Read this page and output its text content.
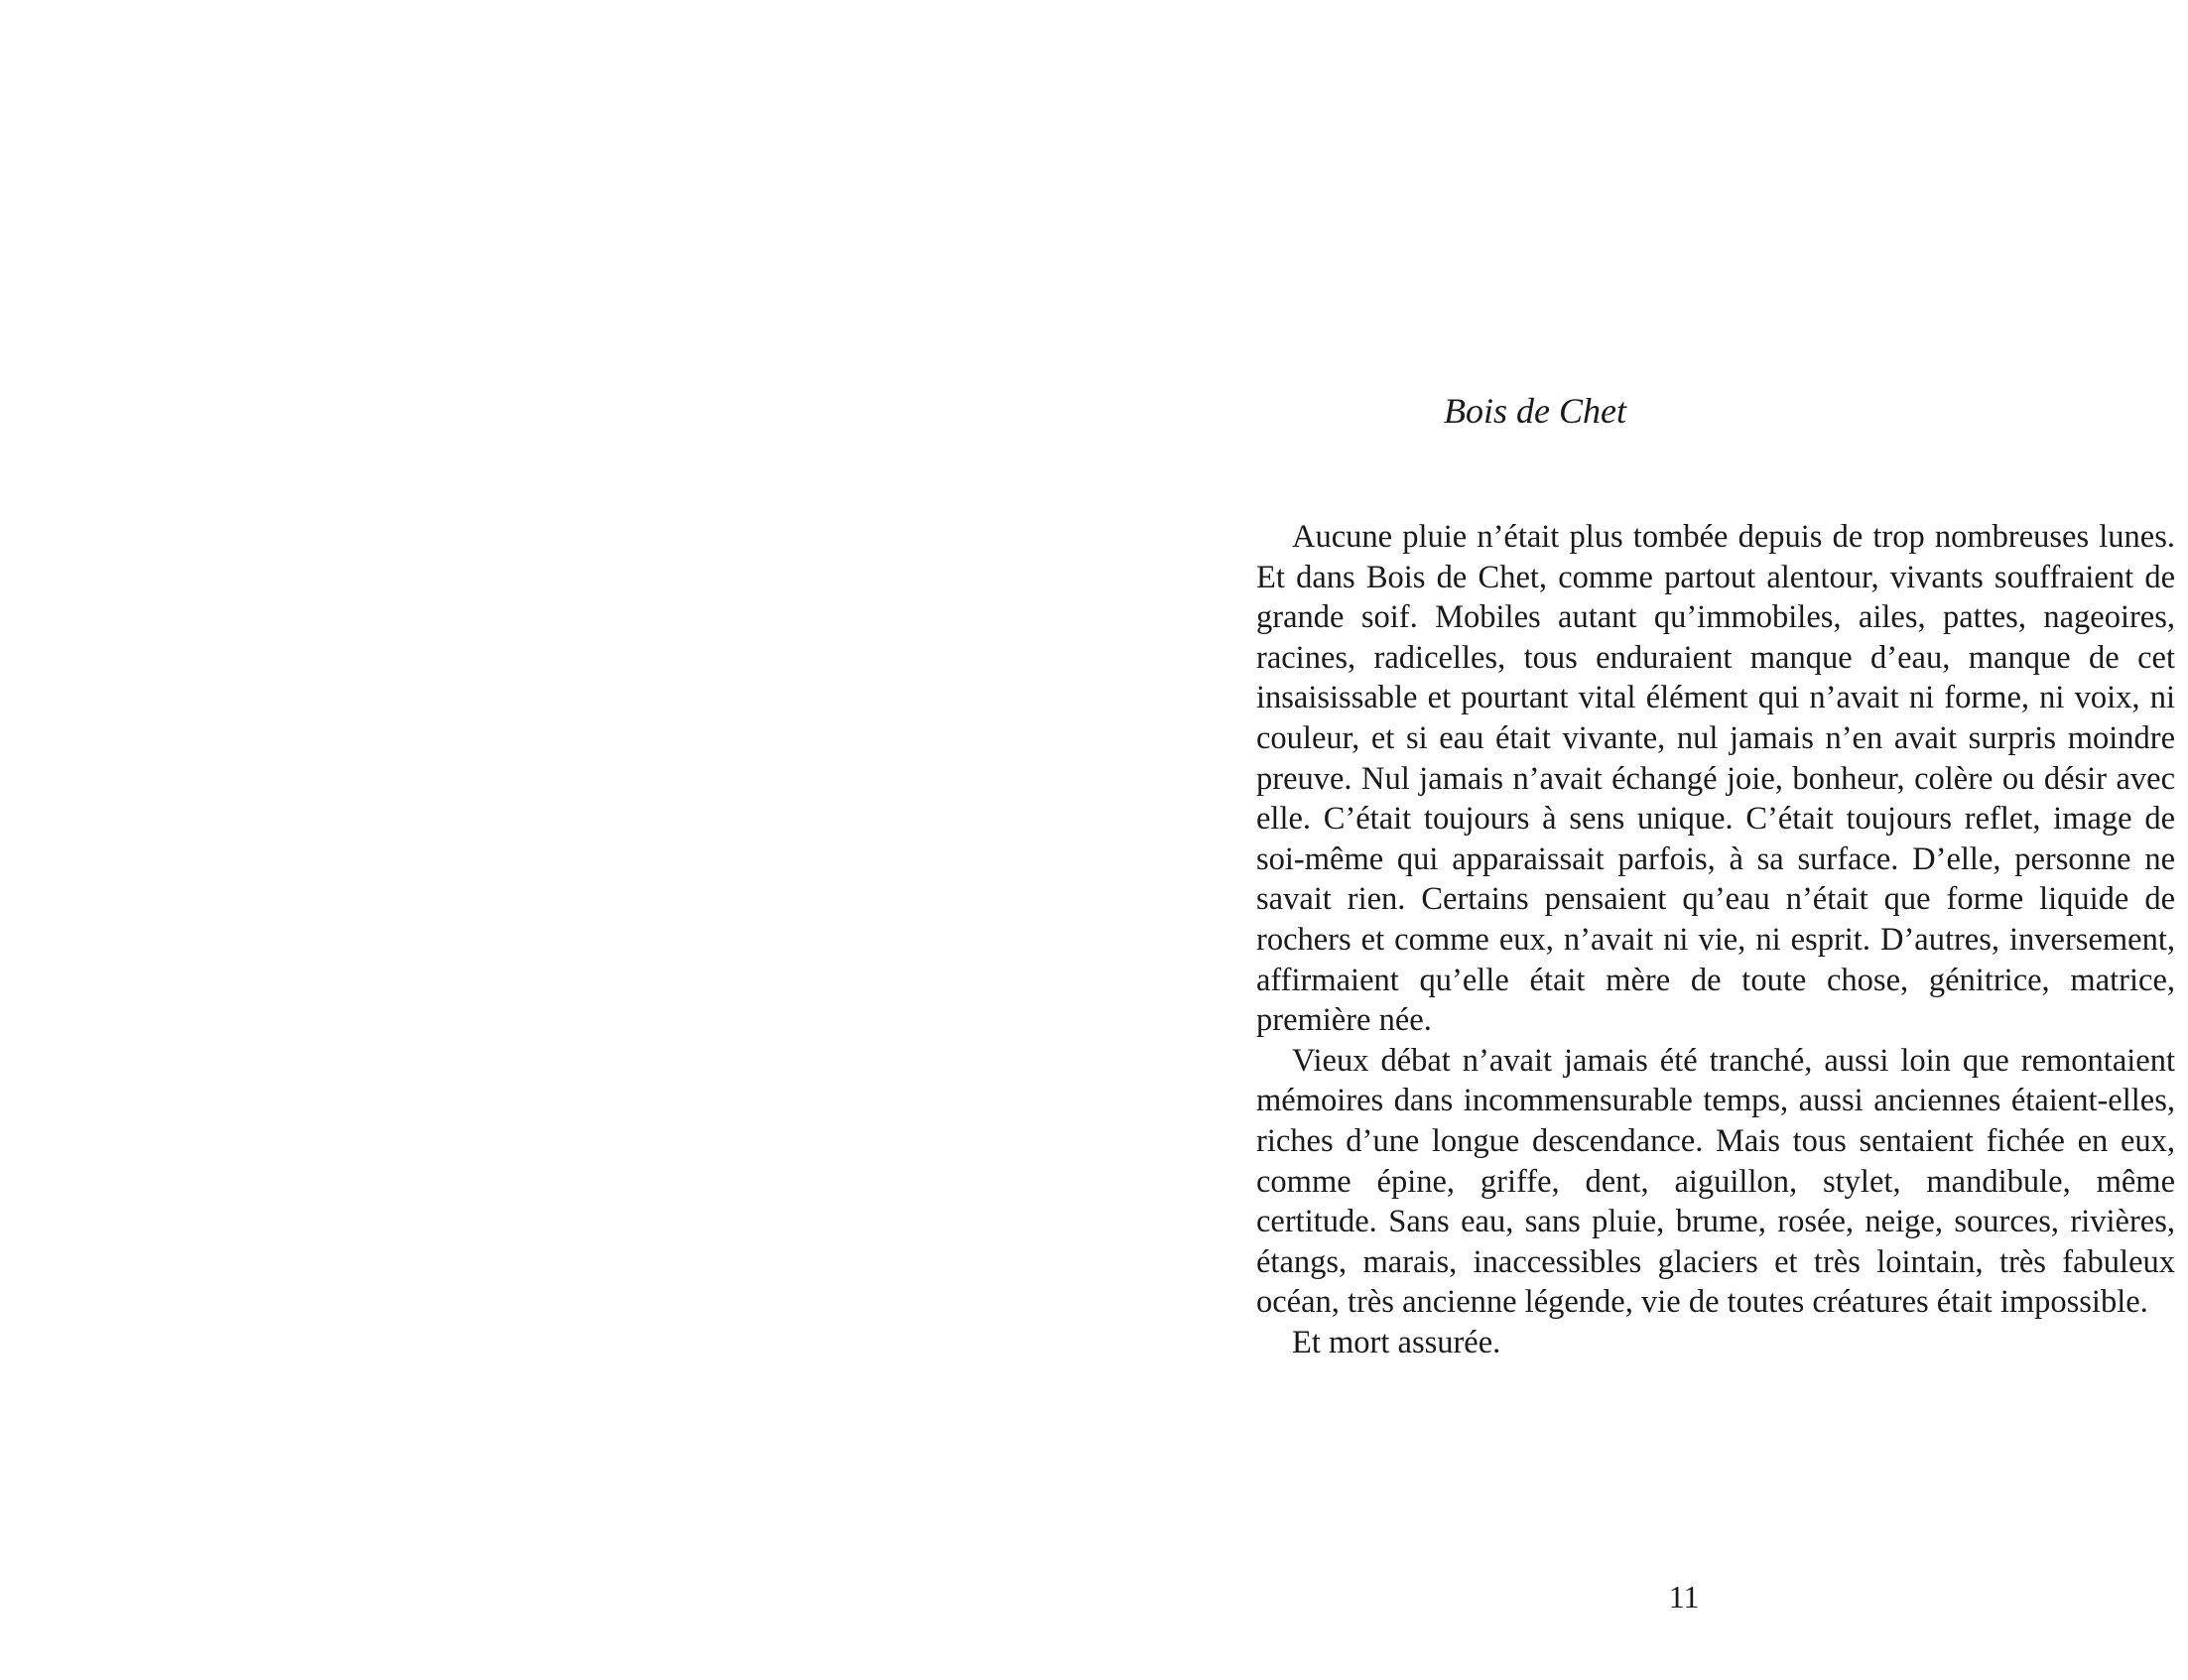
Bois de Chet

Aucune pluie n’était plus tombée depuis de trop nombreuses lunes. Et dans Bois de Chet, comme partout alentour, vivants souffraient de grande soif. Mobiles autant qu’immobiles, ailes, pattes, nageoires, racines, radicelles, tous enduraient manque d’eau, manque de cet insaisissable et pourtant vital élément qui n’avait ni forme, ni voix, ni couleur, et si eau était vivante, nul jamais n’en avait surpris moindre preuve. Nul jamais n’avait échangé joie, bonheur, colère ou désir avec elle. C’était toujours à sens unique. C’était toujours reflet, image de soi-même qui apparaissait parfois, à sa surface. D’elle, personne ne savait rien. Certains pensaient qu’eau n’était que forme liquide de rochers et comme eux, n’avait ni vie, ni esprit. D’autres, inversement, affirmaient qu’elle était mère de toute chose, génitrice, matrice, première née.

Vieux débat n’avait jamais été tranché, aussi loin que remontaient mémoires dans incommensurable temps, aussi anciennes étaient-elles, riches d’une longue descendance. Mais tous sentaient fichée en eux, comme épine, griffe, dent, aiguillon, stylet, mandibule, même certitude. Sans eau, sans pluie, brume, rosée, neige, sources, rivières, étangs, marais, inaccessibles glaciers et très lointain, très fabuleux océan, très ancienne légende, vie de toutes créatures était impossible.

Et mort assurée.

11
